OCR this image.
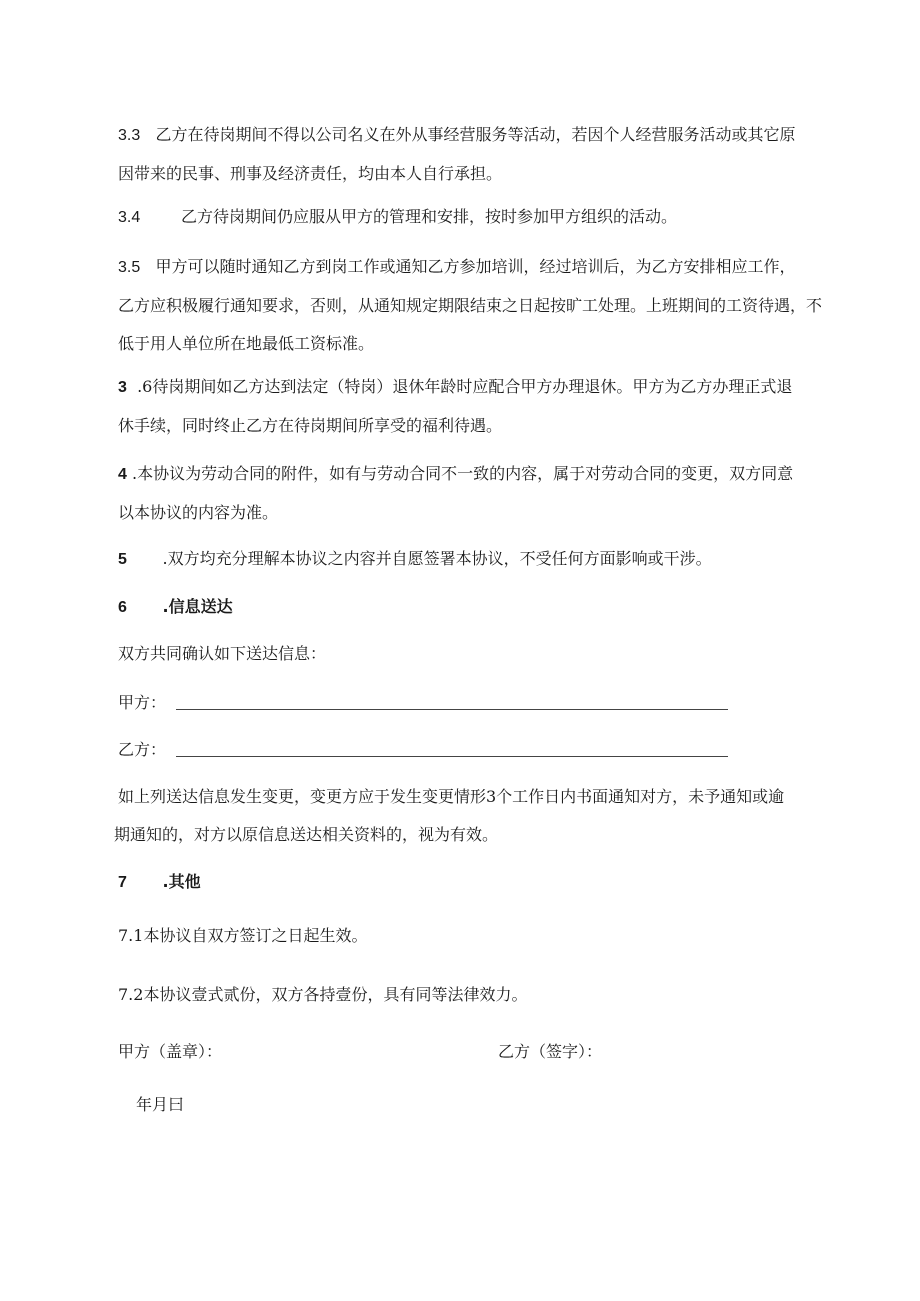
3.3 乙方在待岗期间不得以公司名义在外从事经营服务等活动，若因个人经营服务活动或其它原
因带来的民事、刑事及经济责任，均由本人自行承担。
3.4	乙方待岗期间仍应服从甲方的管理和安排，按时参加甲方组织的活动。
3.5 甲方可以随时通知乙方到岗工作或通知乙方参加培训，经过培训后，为乙方安排相应工作，
乙方应积极履行通知要求，否则，从通知规定期限结束之日起按旷工处理。上班期间的工资待遇，不
低于用人单位所在地最低工资标准。
3 .6待岗期间如乙方达到法定（特岗）退休年龄时应配合甲方办理退休。甲方为乙方办理正式退
休手续，同时终止乙方在待岗期间所享受的福利待遇。
4 .本协议为劳动合同的附件，如有与劳动合同不一致的内容，属于对劳动合同的变更，双方同意
以本协议的内容为准。
5 .双方均充分理解本协议之内容并自愿签署本协议，不受任何方面影响或干涉。
6 .信息送达
双方共同确认如下送达信息：
甲方：
乙方：
如上列送达信息发生变更，变更方应于发生变更情形3个工作日内书面通知对方，未予通知或逾
期通知的，对方以原信息送达相关资料的，视为有效。
7 .其他
7.1本协议自双方签订之日起生效。
7.2本协议壹式贰份，双方各持壹份，具有同等法律效力。
甲方（盖章）：	乙方（签字）：
年月曰
